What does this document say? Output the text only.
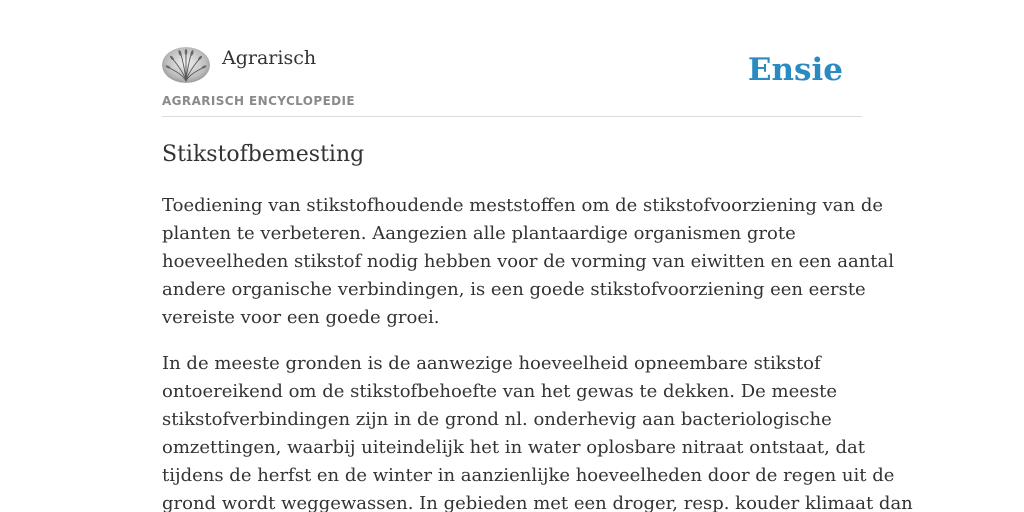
Agrarisch
AGRARISCH ENCYCLOPEDIE
Ensie
Stikstofbemesting

Toediening van stikstofhoudende meststoffen om de stikstofvoorziening van de
planten te verbeteren. Aangezien alle plantaardige organismen grote
hoeveelheden stikstof nodig hebben voor de vorming van eiwitten en een aantal
andere organische verbindingen, is een goede stikstofvoorziening een eerste
vereiste voor een goede groei.

In de meeste gronden is de aanwezige hoeveelheid opneembare stikstof
ontoereikend om de stikstofbehoefte van het gewas te dekken. De meeste
stikstofverbindingen zijn in de grond nl. onderhevig aan bacteriologische
omzettingen, waarbij uiteindelijk het in water oplosbare nitraat ontstaat, dat
tijdens de herfst en de winter in aanzienlijke hoeveelheden door de regen uit de
grond wordt weggewassen. In gebieden met een droger, resp. kouder klimaat dan
